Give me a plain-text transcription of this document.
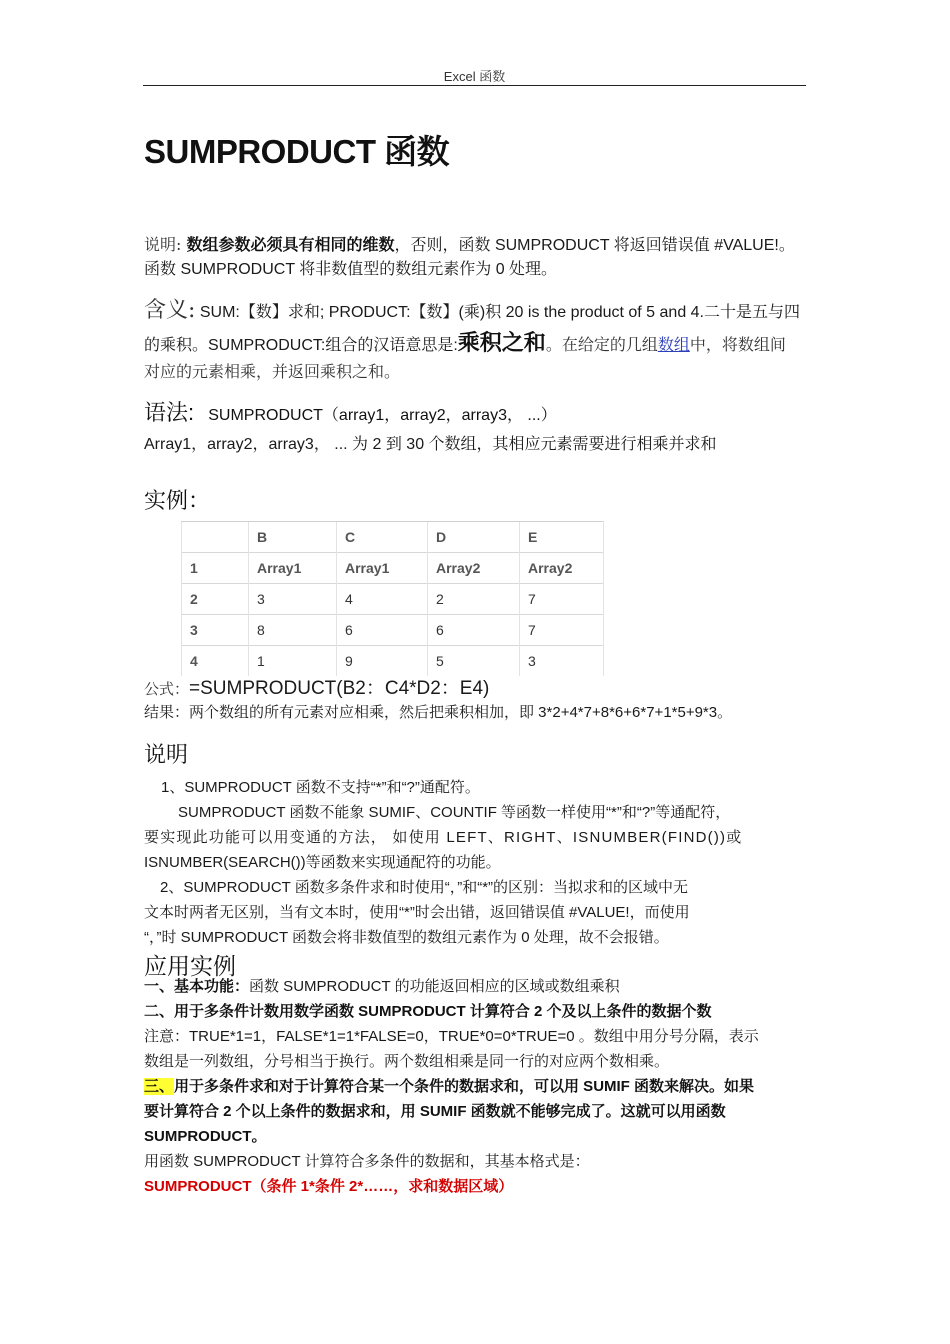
Excel 函数
SUMPRODUCT 函数
说明: 数组参数必须具有相同的维数，否则，函数 SUMPRODUCT 将返回错误值 #VALUE!。
函数 SUMPRODUCT 将非数值型的数组元素作为 0 处理。
含义: SUM:【数】求和; PRODUCT:【数】(乘)积 20 is the product of 5 and 4.二十是五与四
的乘积。SUMPRODUCT:组合的汉语意思是:乘积之和。在给定的几组数组中，将数组间
对应的元素相乘，并返回乘积之和。
语法: SUMPRODUCT（array1，array2，array3， ...）
Array1，array2，array3， ... 为 2 到 30 个数组，其相应元素需要进行相乘并求和
实例：
	B	C	D	E
1	Array1	Array1	Array2	Array2
2	3	4	2	7
3	8	6	6	7
4	1	9	5	3
公式：=SUMPRODUCT(B2：C4*D2：E4)
结果：两个数组的所有元素对应相乘，然后把乘积相加，即 3*2+4*7+8*6+6*7+1*5+9*3。
说明
1、SUMPRODUCT 函数不支持“*”和“?”通配符。
SUMPRODUCT 函数不能象 SUMIF、COUNTIF 等函数一样使用“*”和“?”等通配符，
要实现此功能可以用变通的方法， 如使用 LEFT、RIGHT、ISNUMBER(FIND())或
ISNUMBER(SEARCH())等函数来实现通配符的功能。
2、SUMPRODUCT 函数多条件求和时使用“，”和“*”的区别：当拟求和的区域中无
文本时两者无区别，当有文本时，使用“*”时会出错，返回错误值 #VALUE!，而使用
“，”时 SUMPRODUCT 函数会将非数值型的数组元素作为 0 处理，故不会报错。
应用实例
一、基本功能：函数 SUMPRODUCT 的功能返回相应的区域或数组乘积
二、用于多条件计数用数学函数 SUMPRODUCT 计算符合 2 个及以上条件的数据个数
注意：TRUE*1=1，FALSE*1=1*FALSE=0，TRUE*0=0*TRUE=0 。数组中用分号分隔，表示
数组是一列数组，分号相当于换行。两个数组相乘是同一行的对应两个数相乘。
三、用于多条件求和对于计算符合某一个条件的数据求和，可以用 SUMIF 函数来解决。如果
要计算符合 2 个以上条件的数据求和，用 SUMIF 函数就不能够完成了。这就可以用函数
SUMPRODUCT。
用函数 SUMPRODUCT 计算符合多条件的数据和，其基本格式是：
SUMPRODUCT（条件 1*条件 2*……，求和数据区域）
